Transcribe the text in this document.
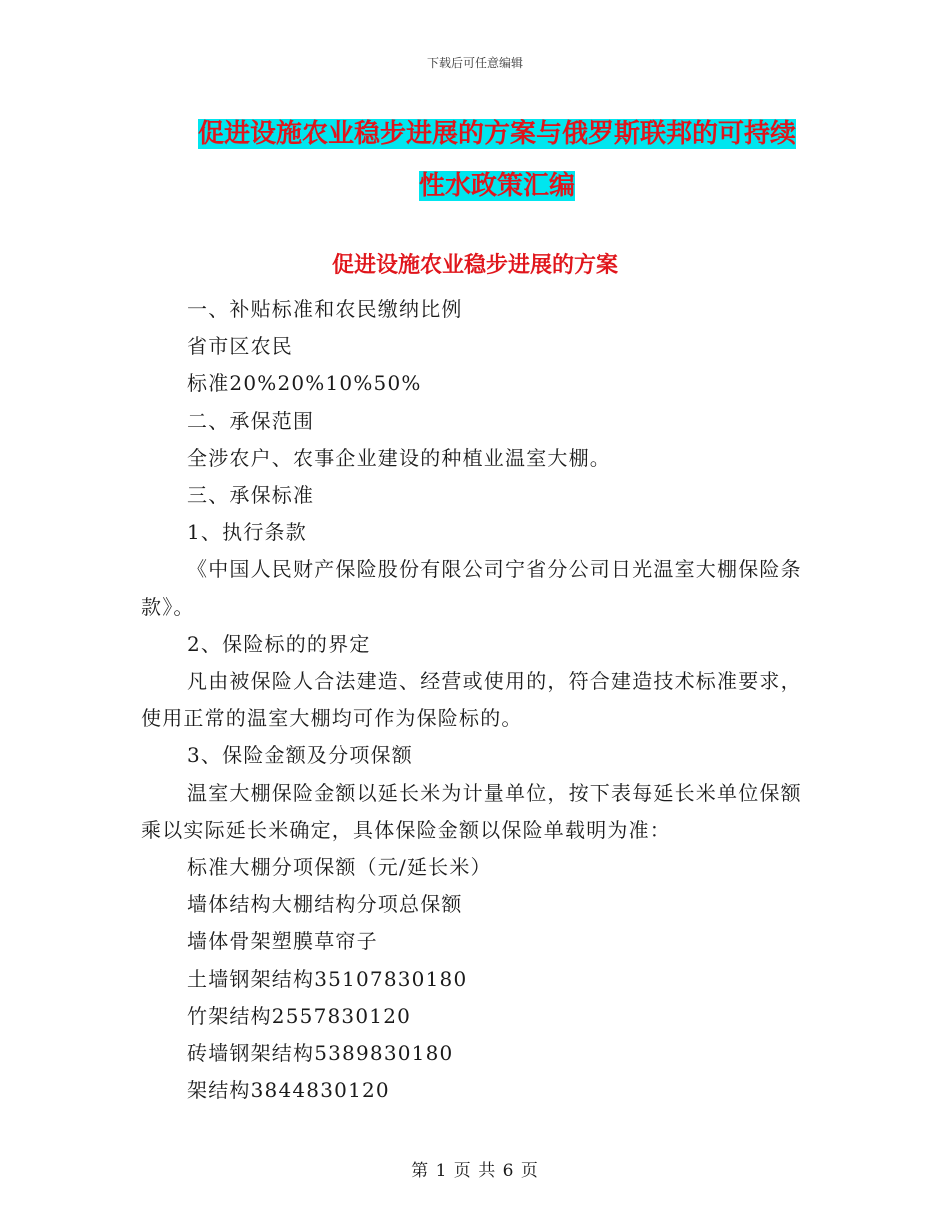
下载后可任意编辑
促进设施农业稳步进展的方案与俄罗斯联邦的可持续
性水政策汇编
促进设施农业稳步进展的方案

一、补贴标准和农民缴纳比例

省市区农民

标准20%20%10%50%

二、承保范围

全涉农户、农事企业建设的种植业温室大棚。

三、承保标准

1、执行条款

《中国人民财产保险股份有限公司宁省分公司日光温室大棚保险条款》。

2、保险标的的界定

凡由被保险人合法建造、经营或使用的，符合建造技术标准要求，使用正常的温室大棚均可作为保险标的。

3、保险金额及分项保额

温室大棚保险金额以延长米为计量单位，按下表每延长米单位保额乘以实际延长米确定，具体保险金额以保险单载明为准：

标准大棚分项保额（元/延长米）

墙体结构大棚结构分项总保额

墙体骨架塑膜草帘子

土墙钢架结构35107830180

竹架结构2557830120

砖墙钢架结构5389830180

架结构3844830120

第 1 页 共 6 页
